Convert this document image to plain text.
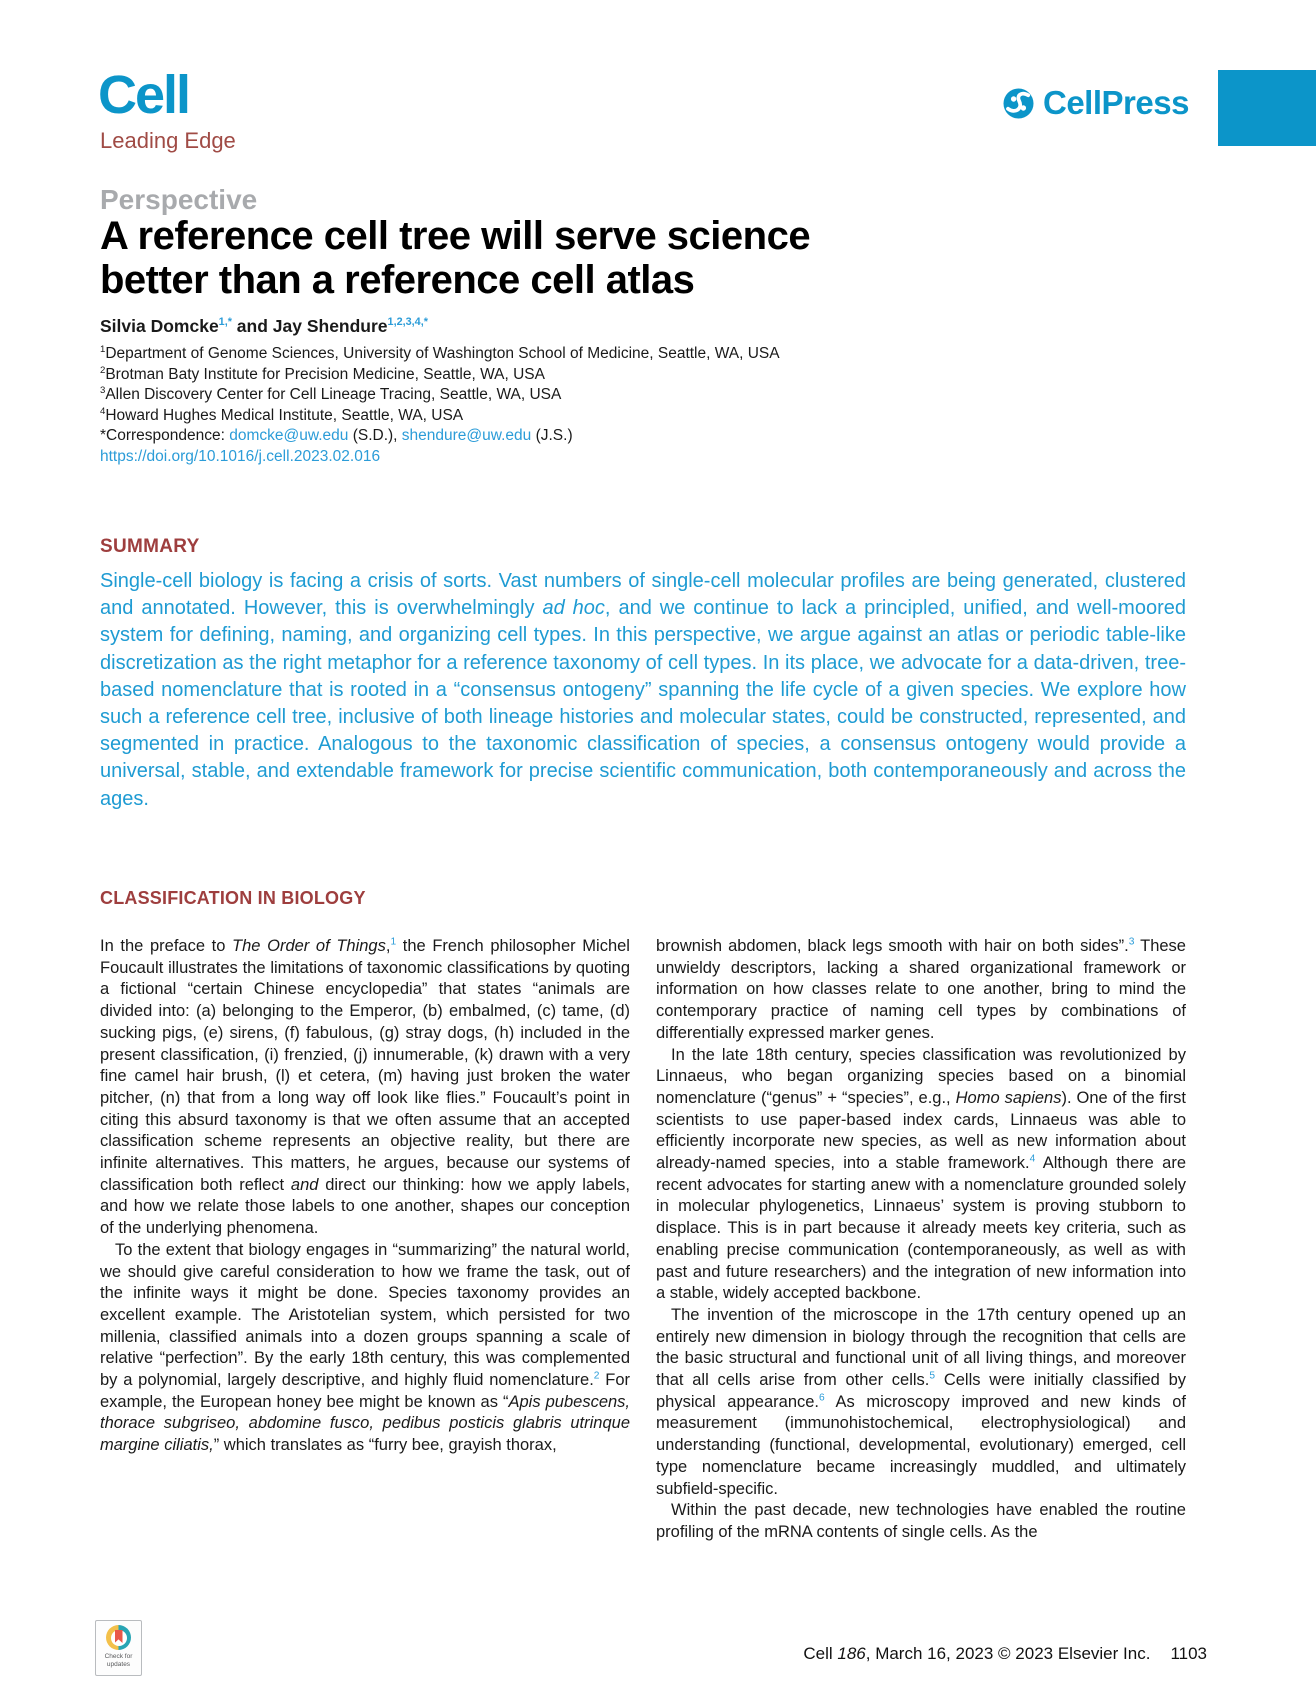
Cell
Leading Edge
CellPress
Perspective
A reference cell tree will serve science
better than a reference cell atlas
Silvia Domcke$^{1,*}$ and Jay Shendure$^{1,2,3,4,*}$
$^1$Department of Genome Sciences, University of Washington School of Medicine, Seattle, WA, USA
$^2$Brotman Baty Institute for Precision Medicine, Seattle, WA, USA
$^3$Allen Discovery Center for Cell Lineage Tracing, Seattle, WA, USA
$^4$Howard Hughes Medical Institute, Seattle, WA, USA
*Correspondence: domcke@uw.edu (S.D.), shendure@uw.edu (J.S.)
https://doi.org/10.1016/j.cell.2023.02.016
SUMMARY
Single-cell biology is facing a crisis of sorts. Vast numbers of single-cell molecular profiles are being generated, clustered and annotated. However, this is overwhelmingly ad hoc, and we continue to lack a principled, unified, and well-moored system for defining, naming, and organizing cell types. In this perspective, we argue against an atlas or periodic table-like discretization as the right metaphor for a reference taxonomy of cell types. In its place, we advocate for a data-driven, tree-based nomenclature that is rooted in a “consensus ontogeny” spanning the life cycle of a given species. We explore how such a reference cell tree, inclusive of both lineage histories and molecular states, could be constructed, represented, and segmented in practice. Analogous to the taxonomic classification of species, a consensus ontogeny would provide a universal, stable, and extendable framework for precise scientific communication, both contemporaneously and across the ages.
CLASSIFICATION IN BIOLOGY

In the preface to The Order of Things,$^1$ the French philosopher Michel Foucault illustrates the limitations of taxonomic classifications by quoting a fictional “certain Chinese encyclopedia” that states “animals are divided into: (a) belonging to the Emperor, (b) embalmed, (c) tame, (d) sucking pigs, (e) sirens, (f) fabulous, (g) stray dogs, (h) included in the present classification, (i) frenzied, (j) innumerable, (k) drawn with a very fine camel hair brush, (l) et cetera, (m) having just broken the water pitcher, (n) that from a long way off look like flies.” Foucault’s point in citing this absurd taxonomy is that we often assume that an accepted classification scheme represents an objective reality, but there are infinite alternatives. This matters, he argues, because our systems of classification both reflect and direct our thinking: how we apply labels, and how we relate those labels to one another, shapes our conception of the underlying phenomena.

To the extent that biology engages in “summarizing” the natural world, we should give careful consideration to how we frame the task, out of the infinite ways it might be done. Species taxonomy provides an excellent example. The Aristotelian system, which persisted for two millenia, classified animals into a dozen groups spanning a scale of relative “perfection”. By the early 18th century, this was complemented by a polynomial, largely descriptive, and highly fluid nomenclature.$^2$ For example, the European honey bee might be known as “Apis pubescens, thorace subgriseo, abdomine fusco, pedibus posticis glabris utrinque margine ciliatis,” which translates as “furry bee, grayish thorax,

brownish abdomen, black legs smooth with hair on both sides”.$^3$ These unwieldy descriptors, lacking a shared organizational framework or information on how classes relate to one another, bring to mind the contemporary practice of naming cell types by combinations of differentially expressed marker genes.

In the late 18th century, species classification was revolutionized by Linnaeus, who began organizing species based on a binomial nomenclature (“genus” + “species”, e.g., Homo sapiens). One of the first scientists to use paper-based index cards, Linnaeus was able to efficiently incorporate new species, as well as new information about already-named species, into a stable framework.$^4$ Although there are recent advocates for starting anew with a nomenclature grounded solely in molecular phylogenetics, Linnaeus’ system is proving stubborn to displace. This is in part because it already meets key criteria, such as enabling precise communication (contemporaneously, as well as with past and future researchers) and the integration of new information into a stable, widely accepted backbone.

The invention of the microscope in the 17th century opened up an entirely new dimension in biology through the recognition that cells are the basic structural and functional unit of all living things, and moreover that all cells arise from other cells.$^5$ Cells were initially classified by physical appearance.$^6$ As microscopy improved and new kinds of measurement (immunohistochemical, electrophysiological) and understanding (functional, developmental, evolutionary) emerged, cell type nomenclature became increasingly muddled, and ultimately subfield-specific.

Within the past decade, new technologies have enabled the routine profiling of the mRNA contents of single cells. As the

Check for
updates
Cell 186, March 16, 2023 © 2023 Elsevier Inc. 1103
